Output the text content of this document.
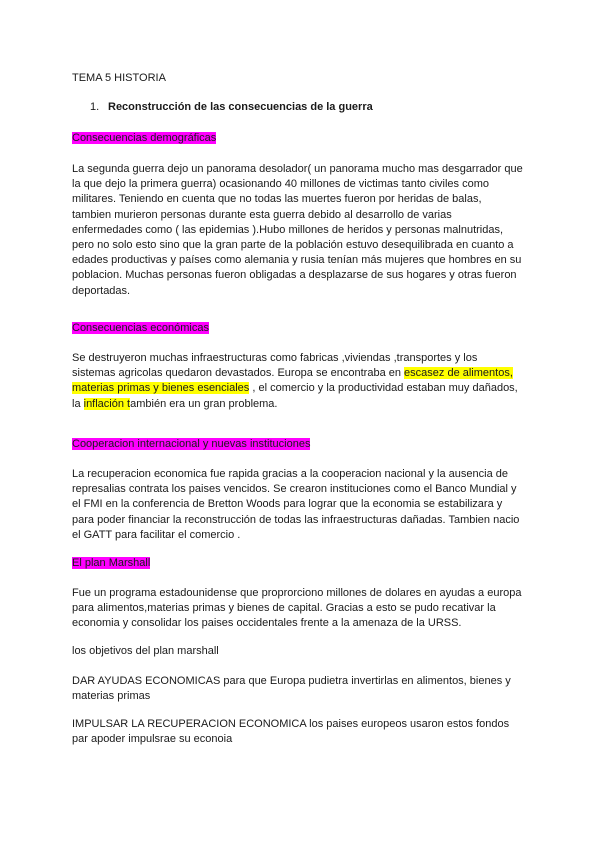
TEMA 5 HISTORIA
1. Reconstrucción de las consecuencias de la guerra
Consecuencias demográficas

La segunda guerra dejo un panorama desolador( un panorama mucho mas desgarrador que

la que dejo la primera guerra) ocasionando 40 millones de victimas tanto civiles como

militares. Teniendo en cuenta que no todas las muertes fueron por heridas de balas,

tambien murieron personas durante esta guerra debido al desarrollo de varias

enfermedades como ( las epidemias ).Hubo millones de heridos y personas malnutridas,

pero no solo esto sino que la gran parte de la población estuvo desequilibrada en cuanto a

edades productivas y países como alemania y rusia tenían más mujeres que hombres en su

poblacion. Muchas personas fueron obligadas a desplazarse de sus hogares y otras fueron

deportadas.

Consecuencias económicas

Se destruyeron muchas infraestructuras como fabricas ,viviendas ,transportes y los

sistemas agricolas quedaron devastados. Europa se encontraba en escasez de alimentos,

materias primas y bienes esenciales , el comercio y la productividad estaban muy dañados,

la inflación también era un gran problema.

Cooperacion internacional y nuevas instituciones

La recuperacion economica fue rapida gracias a la cooperacion nacional y la ausencia de

represalias contrata los paises vencidos. Se crearon instituciones como el Banco Mundial y

el FMI en la conferencia de Bretton Woods para lograr que la economia se estabilizara y

para poder financiar la reconstrucción de todas las infraestructuras dañadas. Tambien nacio

el GATT para facilitar el comercio .

El plan Marshall

Fue un programa estadounidense que proprorciono millones de dolares en ayudas a europa

para alimentos,materias primas y bienes de capital. Gracias a esto se pudo recativar la

economia y consolidar los paises occidentales frente a la amenaza de la URSS.

los objetivos del plan marshall

DAR AYUDAS ECONOMICAS para que Europa pudietra invertirlas en alimentos, bienes y

materias primas

IMPULSAR LA RECUPERACION ECONOMICA los paises europeos usaron estos fondos

par apoder impulsrae su econoia
